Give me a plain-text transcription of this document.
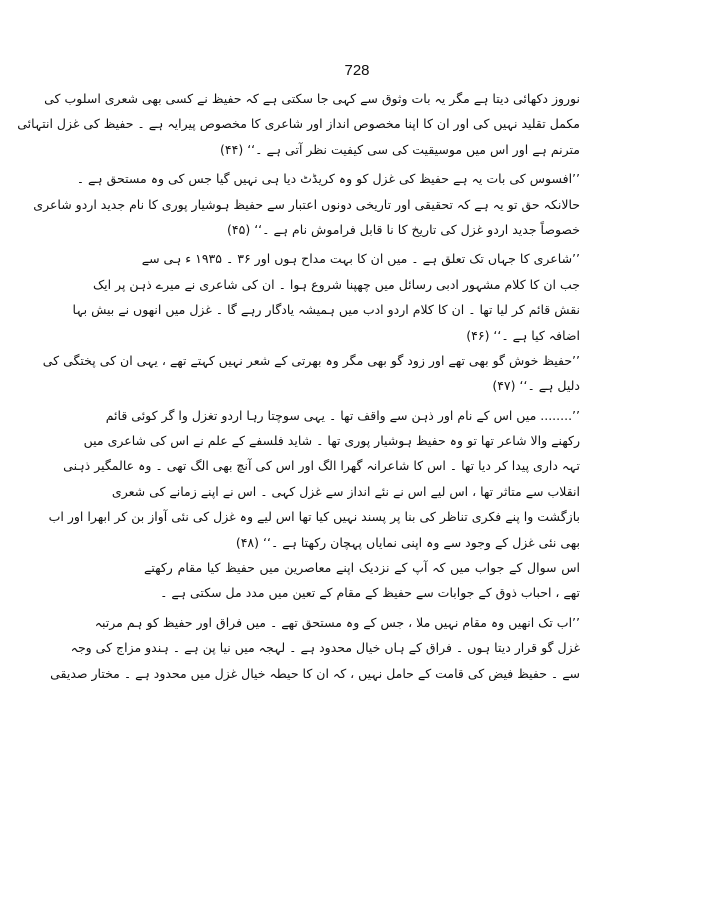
728
نوروز دکھائی دیتا ہے مگر یہ بات وثوق سے کہی جا سکتی ہے کہ حفیظ نے کسی بھی شعری اسلوب کی
مکمل تقلید نہیں کی اور ان کا اپنا مخصوص انداز اور شاعری کا مخصوص پیرایہ ہے ۔ حفیظ کی غزل انتہائی
مترنم ہے اور اس میں موسیقیت کی سی کیفیت نظر آتی ہے ۔‘‘ (۴۴)
’’افسوس کی بات یہ ہے حفیظ کی غزل کو وہ کریڈٹ دیا ہی نہیں گیا جس کی وہ مستحق ہے ۔
حالانکہ حق تو یہ ہے کہ تحقیقی اور تاریخی دونوں اعتبار سے حفیظ ہوشیار پوری کا نام جدید اردو شاعری
خصوصاً جدید اردو غزل کی تاریخ کا نا قابل فراموش نام ہے ۔‘‘ (۴۵)
’’شاعری کا جہاں تک تعلق ہے ۔ میں ان کا بہت مداح ہوں اور ۳۶ ۔ ۱۹۳۵ ء ہی سے
جب ان کا کلام مشہور ادبی رسائل میں چھپنا شروع ہوا ۔ ان کی شاعری نے میرے ذہن پر ایک
نقش قائم کر لیا تھا ۔ ان کا کلام اردو ادب میں ہمیشہ یادگار رہے گا ۔ غزل میں انھوں نے بیش بہا
اضافہ کیا ہے ۔‘‘ (۴۶)
’’حفیظ خوش گو بھی تھے اور زود گو بھی مگر وہ بھرتی کے شعر نہیں کہتے تھے ، یہی ان کی پختگی کی
دلیل ہے ۔‘‘ (۴۷)
’’........ میں اس کے نام اور ذہن سے واقف تھا ۔ یہی سوچتا رہا اردو تغزل وا گر کوئی قائم
رکھنے والا شاعر تھا تو وہ حفیظ ہوشیار پوری تھا ۔ شاید فلسفے کے علم نے اس کی شاعری میں
تہہ داری پیدا کر دیا تھا ۔ اس کا شاعرانہ گھرا الگ اور اس کی آنچ بھی الگ تھی ۔ وہ عالمگیر ذہنی
انقلاب سے متاثر تھا ، اس لیے اس نے نئے انداز سے غزل کہی ۔ اس نے اپنے زمانے کی شعری
بازگشت وا پنے فکری تناظر کی بنا پر پسند نہیں کیا تھا اس لیے وہ غزل کی نئی آواز بن کر ابھرا اور اب
بھی نئی غزل کے وجود سے وہ اپنی نمایاں پہچان رکھتا ہے ۔‘‘ (۴۸)
اس سوال کے جواب میں کہ آپ کے نزدیک اپنے معاصرین میں حفیظ کیا مقام رکھتے
تھے ، احباب ذوق کے جوابات سے حفیظ کے مقام کے تعین میں مدد مل سکتی ہے ۔
’’اب تک انھیں وہ مقام نہیں ملا ، جس کے وہ مستحق تھے ۔ میں فراق اور حفیظ کو ہم مرتبہ
غزل گو قرار دیتا ہوں ۔ فراق کے ہاں خیال محدود ہے ۔ لہجہ میں نیا پن ہے ۔ ہندو مزاج کی وجہ
سے ۔ حفیظ فیض کی قامت کے حامل نہیں ، کہ ان کا حیطہ خیال غزل میں محدود ہے ۔ مختار صدیقی
